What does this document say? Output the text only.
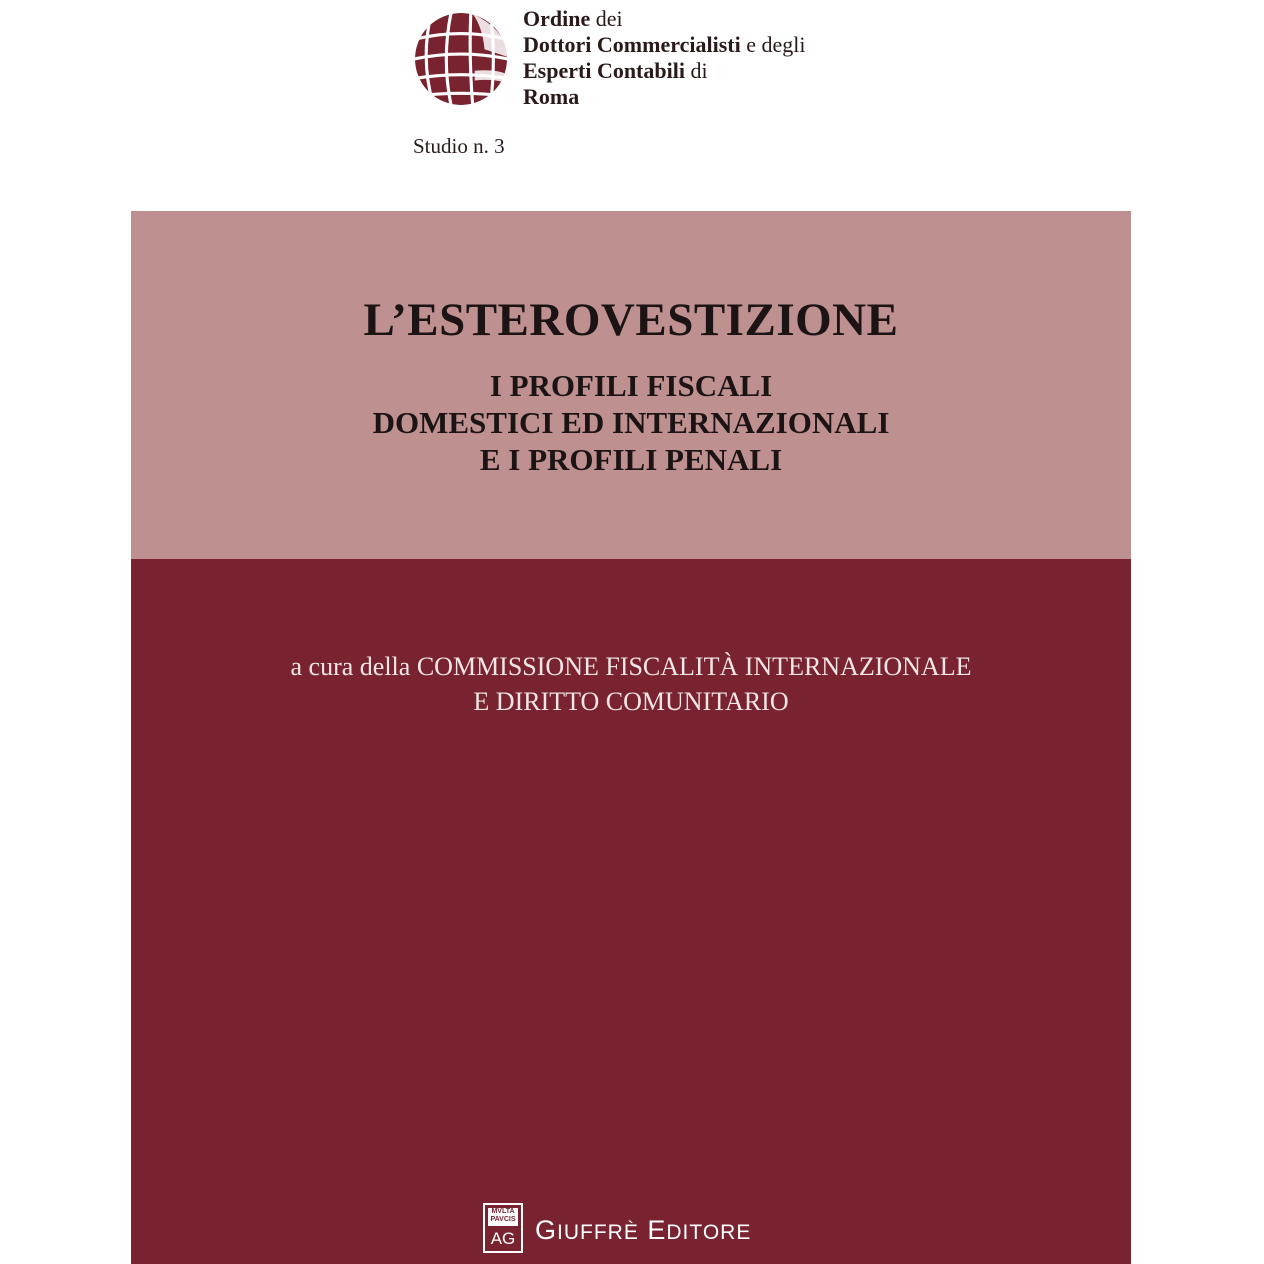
Ordine dei
Dottori Commercialisti e degli
Esperti Contabili di
Roma
Studio n. 3
L’ESTEROVESTIZIONE
I PROFILI FISCALI
DOMESTICI ED INTERNAZIONALI
E I PROFILI PENALI
a cura della COMMISSIONE FISCALITÀ INTERNAZIONALE
E DIRITTO COMUNITARIO
MVLTA PAVCIS
AG GIUFFRÈ EDITORE
